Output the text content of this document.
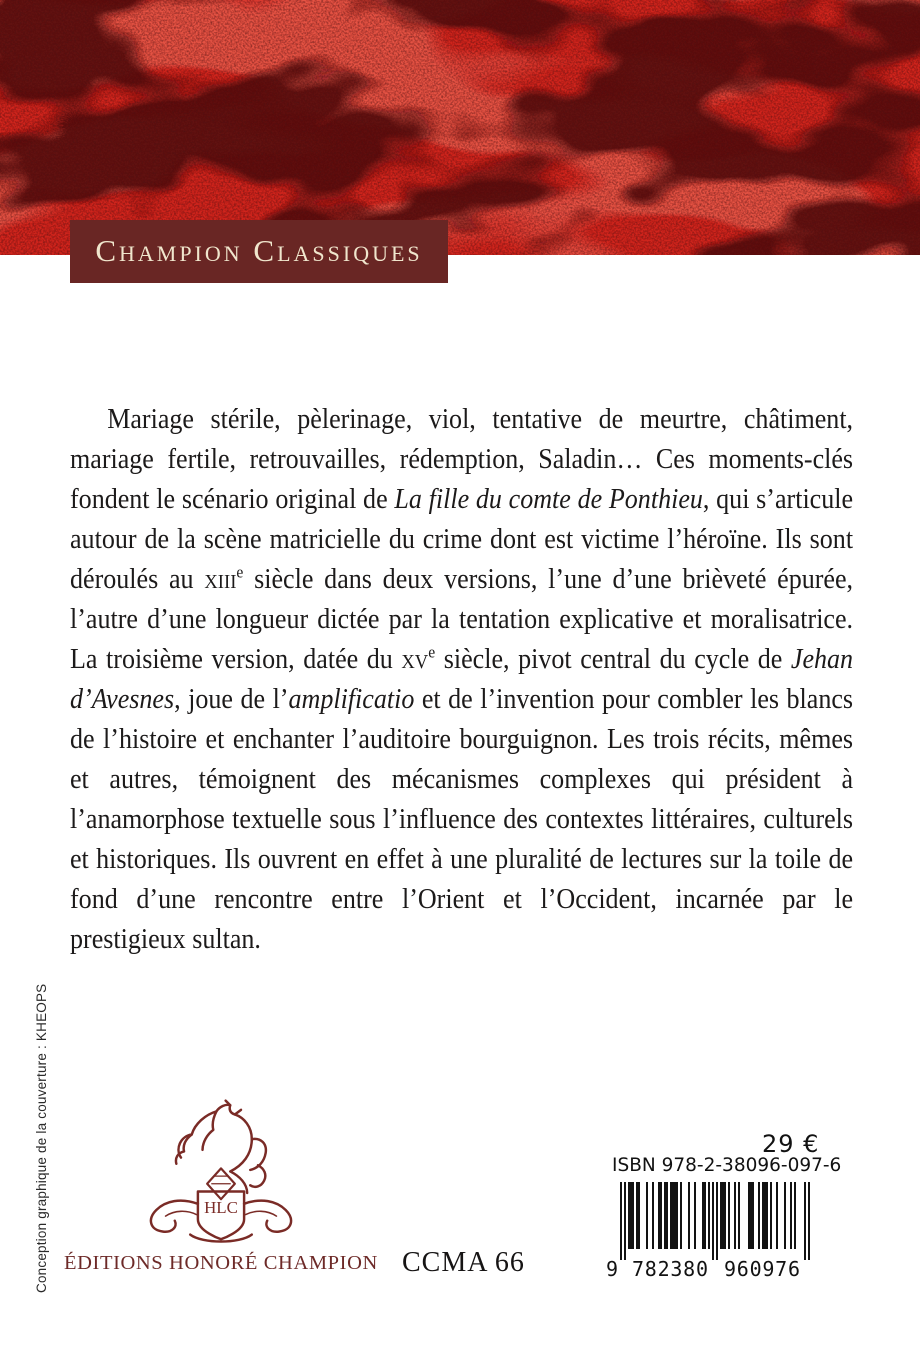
Champion Classiques

Mariage stérile, pèlerinage, viol, tentative de meurtre, châtiment, mariage fertile, retrouvailles, rédemption, Saladin… Ces moments-clés fondent le scénario original de La fille du comte de Ponthieu, qui s’articule autour de la scène matricielle du crime dont est victime l’héroïne. Ils sont déroulés au xiii$^e$ siècle dans deux versions, l’une d’une brièveté épurée, l’autre d’une longueur dictée par la tentation explicative et moralisatrice. La troisième version, datée du $xv^e$ siècle, pivot central du cycle de Jehan d’Avesnes, joue de l’amplificatio et de l’invention pour combler les blancs de l’histoire et enchanter l’auditoire bourguignon. Les trois récits, mêmes et autres, témoignent des mécanismes complexes qui président à l’anamorphose textuelle sous l’influence des contextes littéraires, culturels et historiques. Ils ouvrent en effet à une pluralité de lectures sur la toile de fond d’une rencontre entre l’Orient et l’Occident, incarnée par le prestigieux sultan.

Conception graphique de la couverture : KHEOPS	HLC
ÉDITIONS HONORÉ CHAMPION CCMA 66
29 €
ISBN 978-2-38096-097-6
9 782380 960976
